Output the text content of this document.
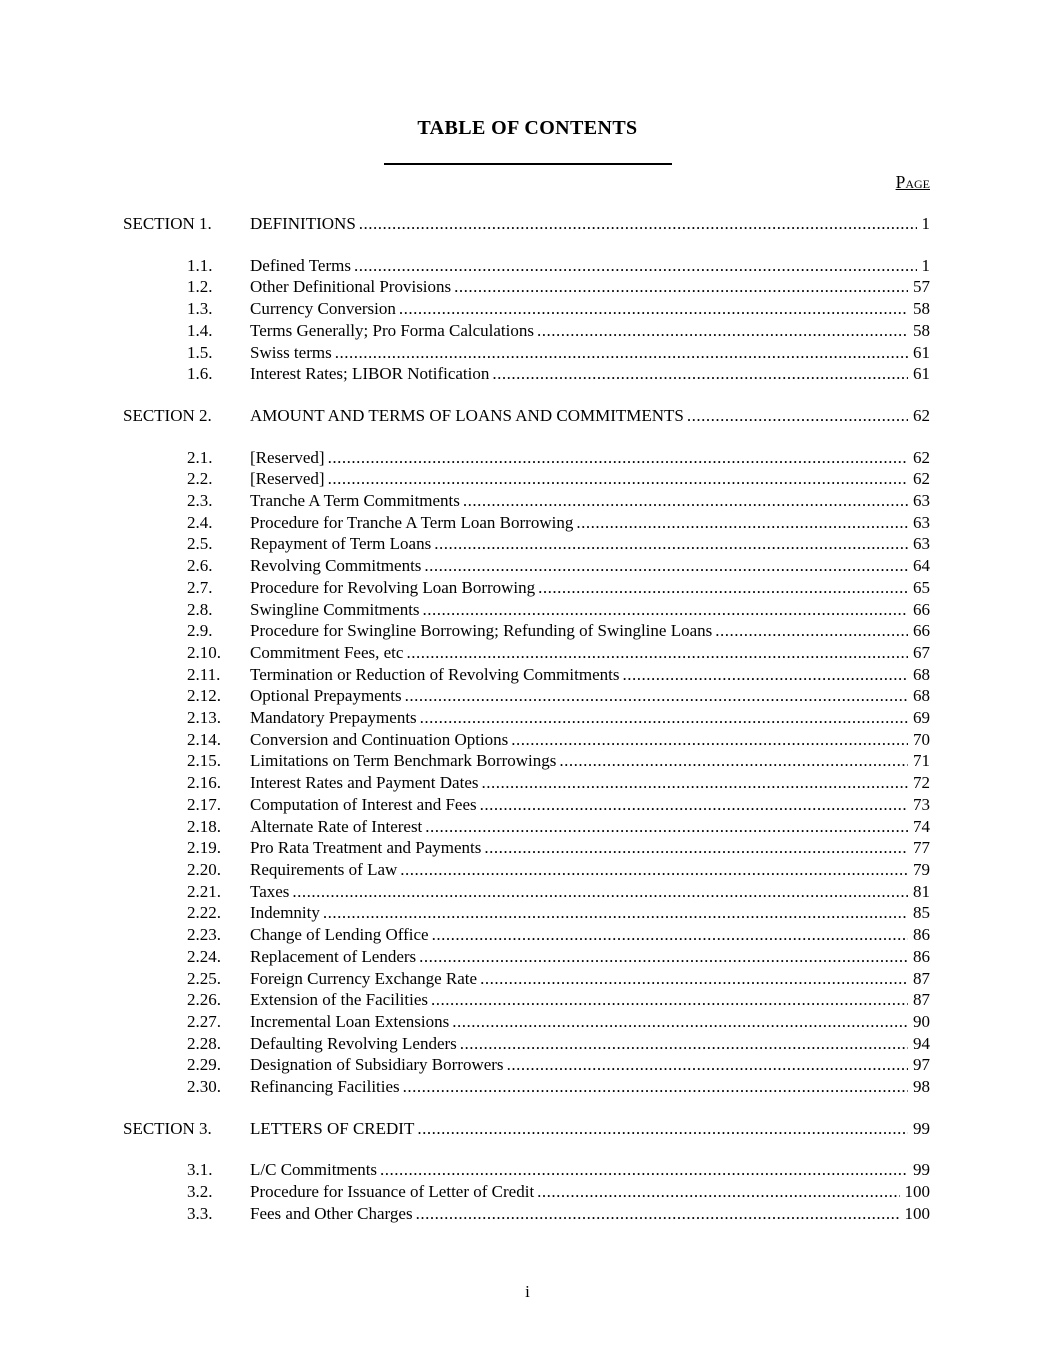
TABLE OF CONTENTS
Page
SECTION 1.	DEFINITIONS .....	1
1.1.	Defined Terms .....	1
1.2.	Other Definitional Provisions .....	57
1.3.	Currency Conversion .....	58
1.4.	Terms Generally; Pro Forma Calculations .....	58
1.5.	Swiss terms .....	61
1.6.	Interest Rates; LIBOR Notification .....	61
SECTION 2.	AMOUNT AND TERMS OF LOANS AND COMMITMENTS .....	62
2.1.	[Reserved] .....	62
2.2.	[Reserved] .....	62
2.3.	Tranche A Term Commitments .....	63
2.4.	Procedure for Tranche A Term Loan Borrowing .....	63
2.5.	Repayment of Term Loans .....	63
2.6.	Revolving Commitments .....	64
2.7.	Procedure for Revolving Loan Borrowing .....	65
2.8.	Swingline Commitments .....	66
2.9.	Procedure for Swingline Borrowing; Refunding of Swingline Loans .....	66
2.10.	Commitment Fees, etc .....	67
2.11.	Termination or Reduction of Revolving Commitments .....	68
2.12.	Optional Prepayments .....	68
2.13.	Mandatory Prepayments .....	69
2.14.	Conversion and Continuation Options .....	70
2.15.	Limitations on Term Benchmark Borrowings .....	71
2.16.	Interest Rates and Payment Dates .....	72
2.17.	Computation of Interest and Fees .....	73
2.18.	Alternate Rate of Interest .....	74
2.19.	Pro Rata Treatment and Payments .....	77
2.20.	Requirements of Law .....	79
2.21.	Taxes .....	81
2.22.	Indemnity .....	85
2.23.	Change of Lending Office .....	86
2.24.	Replacement of Lenders .....	86
2.25.	Foreign Currency Exchange Rate .....	87
2.26.	Extension of the Facilities .....	87
2.27.	Incremental Loan Extensions .....	90
2.28.	Defaulting Revolving Lenders .....	94
2.29.	Designation of Subsidiary Borrowers .....	97
2.30.	Refinancing Facilities .....	98
SECTION 3.	LETTERS OF CREDIT .....	99
3.1.	L/C Commitments .....	99
3.2.	Procedure for Issuance of Letter of Credit .....	100
3.3.	Fees and Other Charges .....	100
i
